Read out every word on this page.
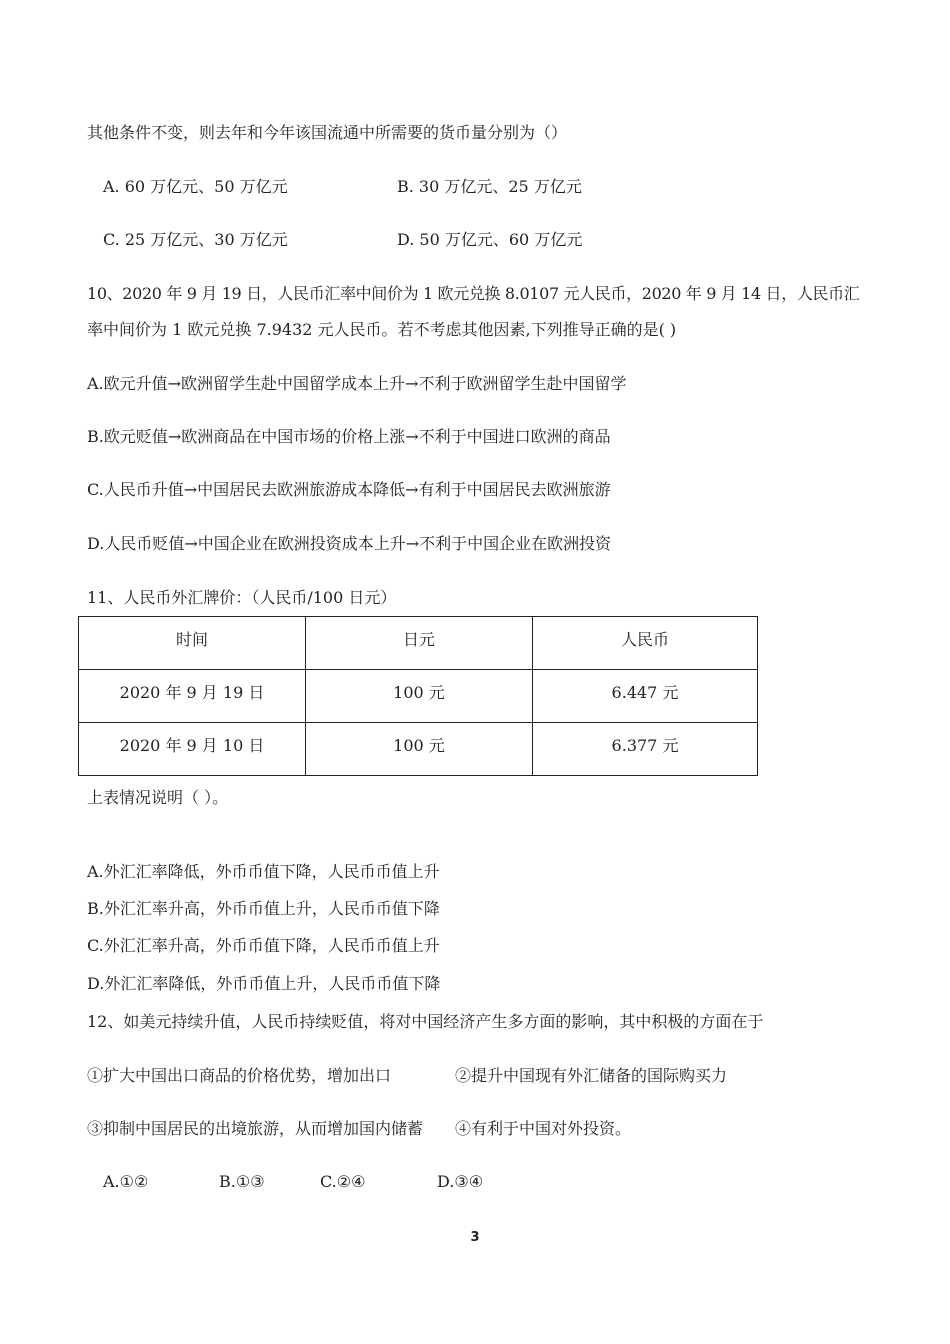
其他条件不变，则去年和今年该国流通中所需要的货币量分别为（）
A. 60 万亿元、50 万亿元	B. 30 万亿元、25 万亿元
C. 25 万亿元、30 万亿元	D. 50 万亿元、60 万亿元
10、2020 年 9 月 19 日，人民币汇率中间价为 1 欧元兑换 8.0107 元人民币，2020 年 9 月 14 日，人民币汇
率中间价为 1 欧元兑换 7.9432 元人民币。若不考虑其他因素,下列推导正确的是( )
A.欧元升值→欧洲留学生赴中国留学成本上升→不利于欧洲留学生赴中国留学
B.欧元贬值→欧洲商品在中国市场的价格上涨→不利于中国进口欧洲的商品
C.人民币升值→中国居民去欧洲旅游成本降低→有利于中国居民去欧洲旅游
D.人民币贬值→中国企业在欧洲投资成本上升→不利于中国企业在欧洲投资
11、人民币外汇牌价：（人民币/100 日元）
时间	日元	人民币
2020 年 9 月 19 日	100 元	6.447 元
2020 年 9 月 10 日	100 元	6.377 元
上表情况说明（ ）。
A.外汇汇率降低，外币币值下降，人民币币值上升
B.外汇汇率升高，外币币值上升，人民币币值下降
C.外汇汇率升高，外币币值下降，人民币币值上升
D.外汇汇率降低，外币币值上升，人民币币值下降
12、如美元持续升值，人民币持续贬值，将对中国经济产生多方面的影响，其中积极的方面在于
①扩大中国出口商品的价格优势，增加出口	②提升中国现有外汇储备的国际购买力
③抑制中国居民的出境旅游，从而增加国内储蓄 ④有利于中国对外投资。
A.①②	B.①③	C.②④	D.③④
3
